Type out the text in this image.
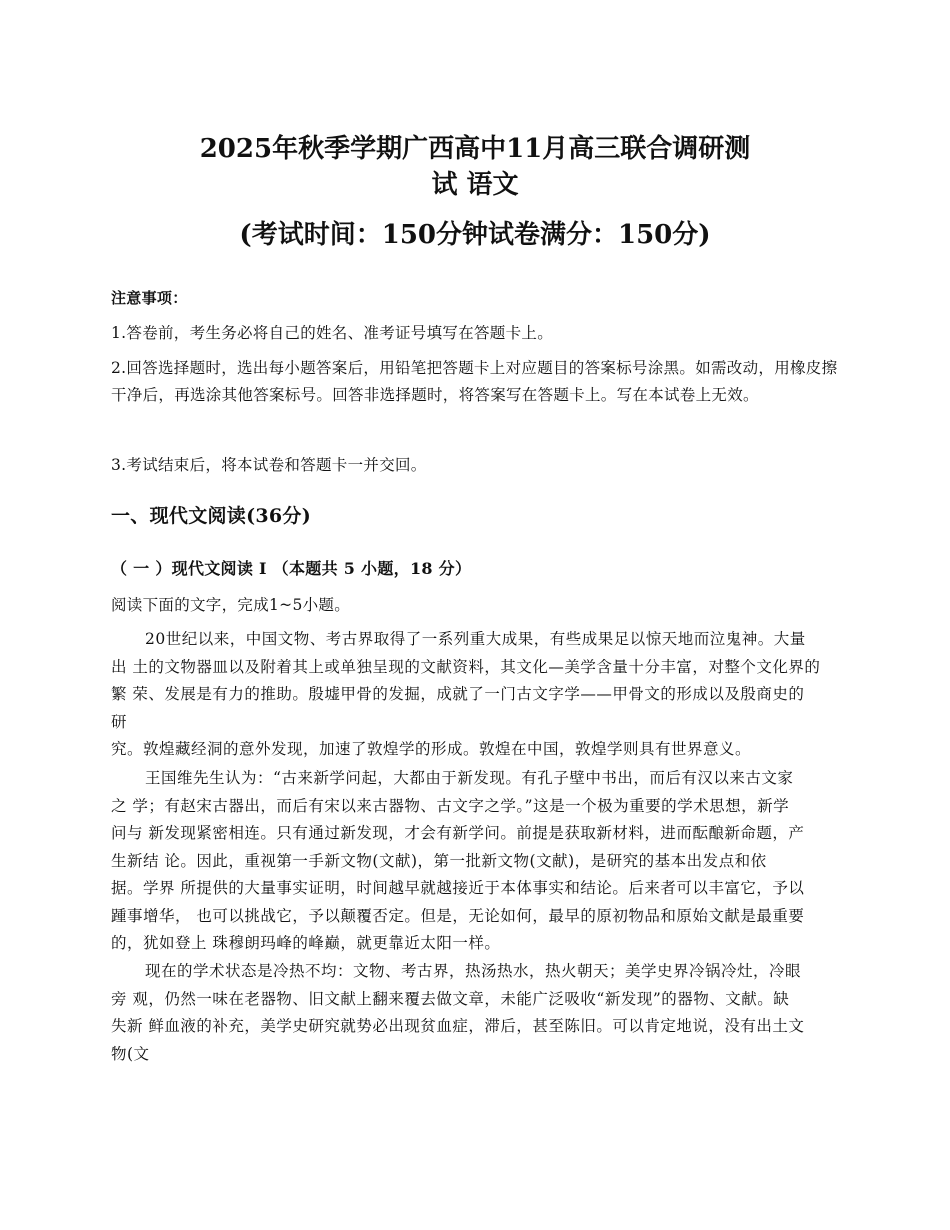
2025年秋季学期广西高中11月高三联合调研测
试 语文
(考试时间：150分钟试卷满分：150分)
注意事项：
1.答卷前，考生务必将自己的姓名、准考证号填写在答题卡上。
2.回答选择题时，选出每小题答案后，用铅笔把答题卡上对应题目的答案标号涂黑。如需改动，用橡皮擦干净后，再选涂其他答案标号。回答非选择题时，将答案写在答题卡上。写在本试卷上无效。
3.考试结束后，将本试卷和答题卡一并交回。
一、现代文阅读(36分)
（ 一 ）现代文阅读 I （本题共 5 小题，18 分）
阅读下面的文字，完成1~5小题。
20世纪以来，中国文物、考古界取得了一系列重大成果，有些成果足以惊天地而泣鬼神。大量
出 土的文物器皿以及附着其上或单独呈现的文献资料，其文化—美学含量十分丰富，对整个文化界的
繁 荣、发展是有力的推助。殷墟甲骨的发掘，成就了一门古文字学——甲骨文的形成以及殷商史的
研
究。敦煌藏经洞的意外发现，加速了敦煌学的形成。敦煌在中国，敦煌学则具有世界意义。
王国维先生认为：“古来新学问起，大都由于新发现。有孔子壁中书出，而后有汉以来古文家
之 学；有赵宋古器出，而后有宋以来古器物、古文字之学。”这是一个极为重要的学术思想，新学
问与 新发现紧密相连。只有通过新发现，才会有新学问。前提是获取新材料，进而酝酿新命题，产
生新结 论。因此，重视第一手新文物(文献)，第一批新文物(文献)，是研究的基本出发点和依
据。学界 所提供的大量事实证明，时间越早就越接近于本体事实和结论。后来者可以丰富它，予以
踵事增华， 也可以挑战它，予以颠覆否定。但是，无论如何，最早的原初物品和原始文献是最重要
的，犹如登上 珠穆朗玛峰的峰巅，就更靠近太阳一样。
现在的学术状态是冷热不均：文物、考古界，热汤热水，热火朝天；美学史界冷锅冷灶，冷眼
旁 观，仍然一味在老器物、旧文献上翻来覆去做文章，未能广泛吸收“新发现”的器物、文献。缺
失新 鲜血液的补充，美学史研究就势必出现贫血症，滞后，甚至陈旧。可以肯定地说，没有出土文
物(文
